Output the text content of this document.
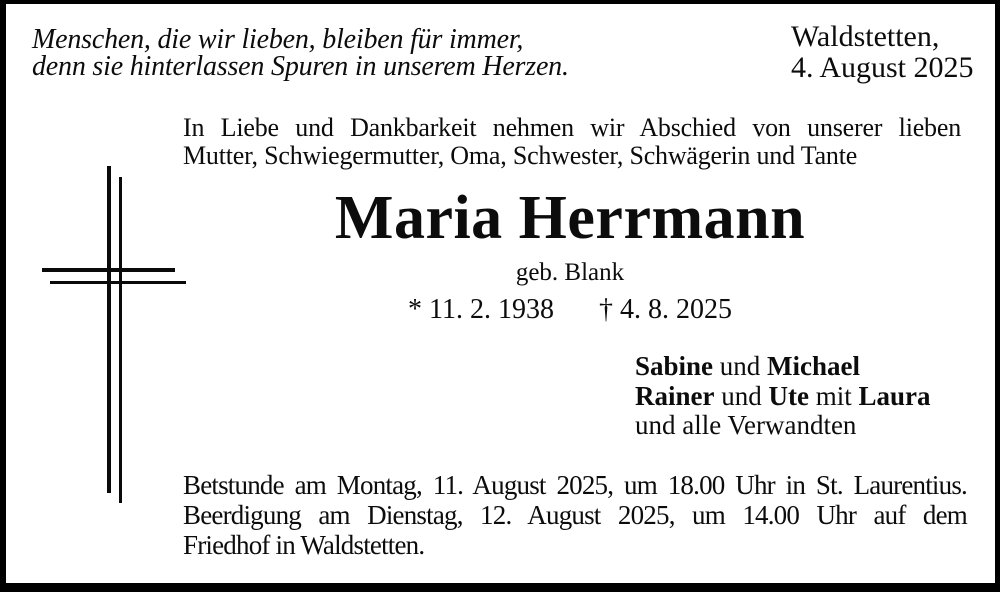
Menschen, die wir lieben, bleiben für immer,
denn sie hinterlassen Spuren in unserem Herzen.
Waldstetten,
4. August 2025
In Liebe und Dankbarkeit nehmen wir Abschied von unserer lieben
Mutter, Schwiegermutter, Oma, Schwester, Schwägerin und Tante
Maria Herrmann
geb. Blank
* 11. 2. 1938 † 4. 8. 2025
Sabine und Michael
Rainer und Ute mit Laura
und alle Verwandten
Betstunde am Montag, 11. August 2025, um 18.00 Uhr in St. Laurentius.
Beerdigung am Dienstag, 12. August 2025, um 14.00 Uhr auf dem
Friedhof in Waldstetten.
